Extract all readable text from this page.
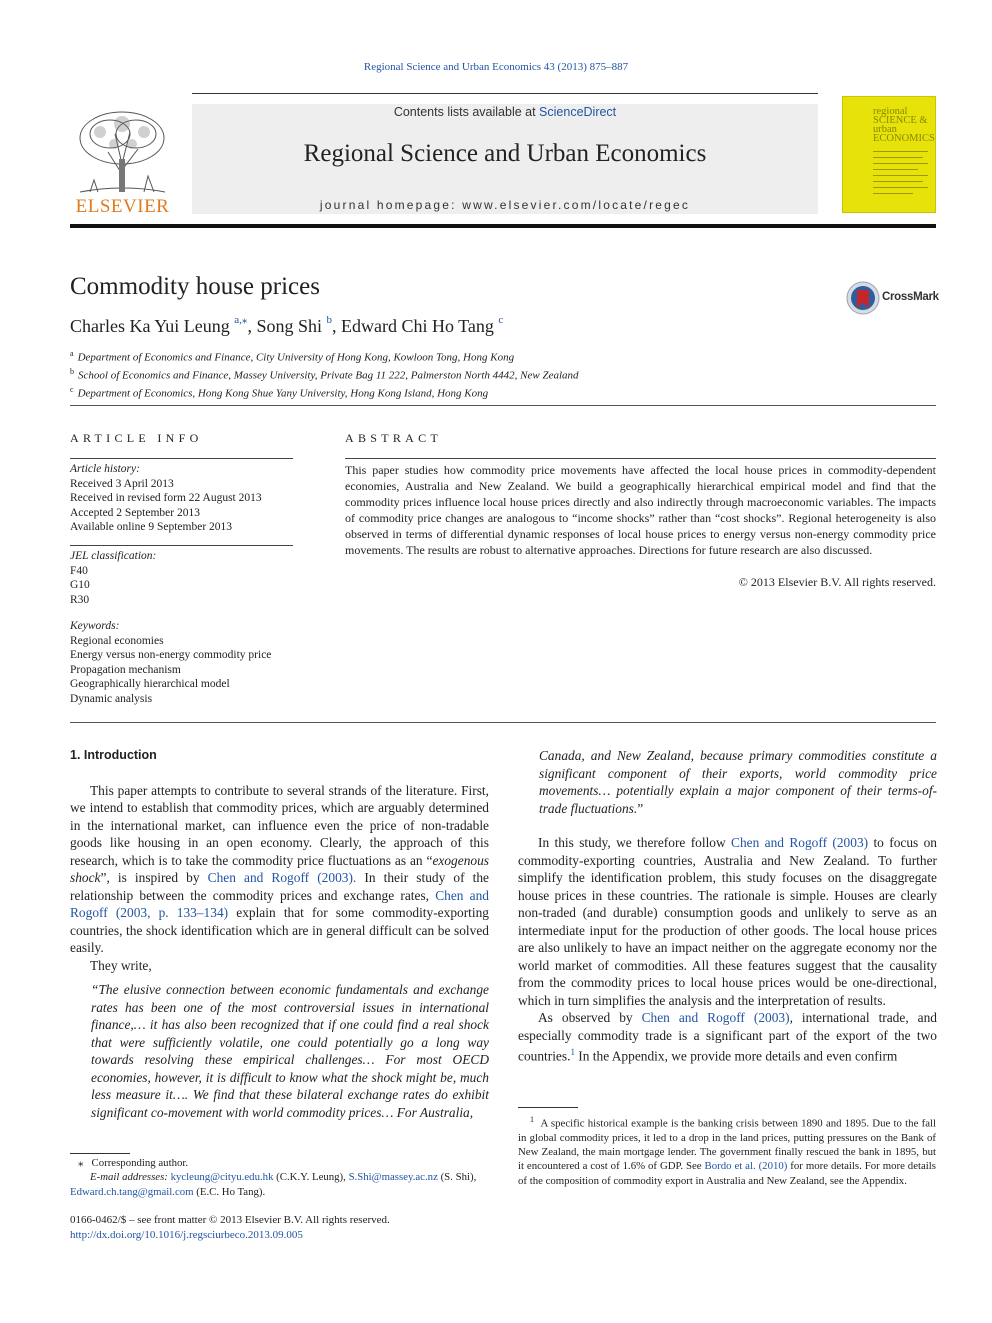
Regional Science and Urban Economics 43 (2013) 875–887
ELSEVIER
Contents lists available at ScienceDirect
Regional Science and Urban Economics
journal homepage: www.elsevier.com/locate/regec
regional SCIENCE & urban ECONOMICS
Commodity house prices	CrossMark
Charles Ka Yui Leung $^{a,⁎}$, Song Shi $^b$, Edward Chi Ho Tang $^c$
$^a$ Department of Economics and Finance, City University of Hong Kong, Kowloon Tong, Hong Kong
$^b$ School of Economics and Finance, Massey University, Private Bag 11 222, Palmerston North 4442, New Zealand
$^c$ Department of Economics, Hong Kong Shue Yany University, Hong Kong Island, Hong Kong
ARTICLE INFO
Article history:
Received 3 April 2013
Received in revised form 22 August 2013
Accepted 2 September 2013
Available online 9 September 2013
JEL classification:
F40
G10
R30
Keywords:
Regional economies
Energy versus non-energy commodity price
Propagation mechanism
Geographically hierarchical model
Dynamic analysis
ABSTRACT
This paper studies how commodity price movements have affected the local house prices in commodity-dependent economies, Australia and New Zealand. We build a geographically hierarchical empirical model and find that the commodity prices influence local house prices directly and also indirectly through macroeconomic variables. The impacts of commodity price changes are analogous to “income shocks” rather than “cost shocks”. Regional heterogeneity is also observed in terms of differential dynamic responses of local house prices to energy versus non-energy commodity price movements. The results are robust to alternative approaches. Directions for future research are also discussed.
© 2013 Elsevier B.V. All rights reserved.

1. Introduction

This paper attempts to contribute to several strands of the literature. First, we intend to establish that commodity prices, which are arguably determined in the international market, can influence even the price of non-tradable goods like housing in an open economy. Clearly, the approach of this research, which is to take the commodity price fluctuations as an “exogenous shock”, is inspired by Chen and Rogoff (2003). In their study of the relationship between the commodity prices and exchange rates, Chen and Rogoff (2003, p. 133–134) explain that for some commodity-exporting countries, the shock identification which are in general difficult can be solved easily.

They write,

“The elusive connection between economic fundamentals and exchange rates has been one of the most controversial issues in international finance,… it has also been recognized that if one could find a real shock that were sufficiently volatile, one could potentially go a long way towards resolving these empirical challenges… For most OECD economies, however, it is difficult to know what the shock might be, much less measure it…. We find that these bilateral exchange rates do exhibit significant co-movement with world commodity prices… For Australia,

Canada, and New Zealand, because primary commodities constitute a significant component of their exports, world commodity price movements… potentially explain a major component of their terms-of-trade fluctuations.”

In this study, we therefore follow Chen and Rogoff (2003) to focus on commodity-exporting countries, Australia and New Zealand. To further simplify the identification problem, this study focuses on the disaggregate house prices in these countries. The rationale is simple. Houses are clearly non-traded (and durable) consumption goods and unlikely to serve as an intermediate input for the production of other goods. The local house prices are also unlikely to have an impact neither on the aggregate economy nor the world market of commodities. All these features suggest that the causality from the commodity prices to local house prices would be one-directional, which in turn simplifies the analysis and the interpretation of results.

As observed by Chen and Rogoff (2003), international trade, and especially commodity trade is a significant part of the export of the two countries.$^1$ In the Appendix, we provide more details and even confirm

$^1$ A specific historical example is the banking crisis between 1890 and 1895. Due to the fall in global commodity prices, it led to a drop in the land prices, putting pressures on the Bank of New Zealand, the main mortgage lender. The government finally rescued the bank in 1895, but it encountered a cost of 1.6% of GDP. See Bordo et al. (2010) for more details. For more details of the composition of commodity export in Australia and New Zealand, see the Appendix.
⁎ Corresponding author.
E-mail addresses: kycleung@cityu.edu.hk (C.K.Y. Leung), S.Shi@massey.ac.nz (S. Shi),
Edward.ch.tang@gmail.com (E.C. Ho Tang).
0166-0462/$ – see front matter © 2013 Elsevier B.V. All rights reserved.
http://dx.doi.org/10.1016/j.regsciurbeco.2013.09.005
